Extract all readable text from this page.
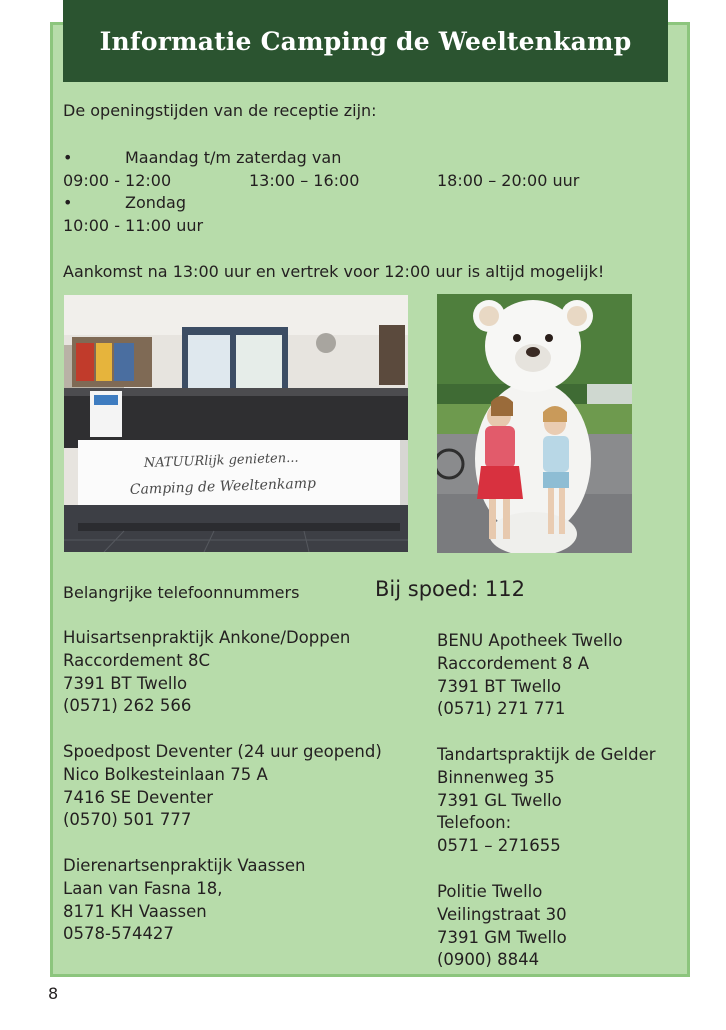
Informatie Camping de Weeltenkamp
De openingstijden van de receptie zijn:
•	Maandag t/m zaterdag van
09:00 - 12:00	13:00 – 16:00	18:00 – 20:00 uur
•	Zondag
10:00 - 11:00 uur
Aankomst na 13:00 uur en vertrek voor 12:00 uur is altijd mogelijk!
NATUURlijk genieten...
Camping de Weeltenkamp
Belangrijke telefoonnummers	Bij spoed: 112
Huisartsenpraktijk Ankone/Doppen
Raccordement 8C
7391 BT Twello
(0571) 262 566
Spoedpost Deventer (24 uur geopend)
Nico Bolkesteinlaan 75 A
7416 SE Deventer
(0570) 501 777
Dierenartsenpraktijk Vaassen
Laan van Fasna 18,
8171 KH Vaassen
0578-574427
BENU Apotheek Twello
Raccordement 8 A
7391 BT Twello
(0571) 271 771
Tandartspraktijk de Gelder
Binnenweg 35
7391 GL Twello
Telefoon:
0571 – 271655
Politie Twello
Veilingstraat 30
7391 GM Twello
(0900) 8844
8
